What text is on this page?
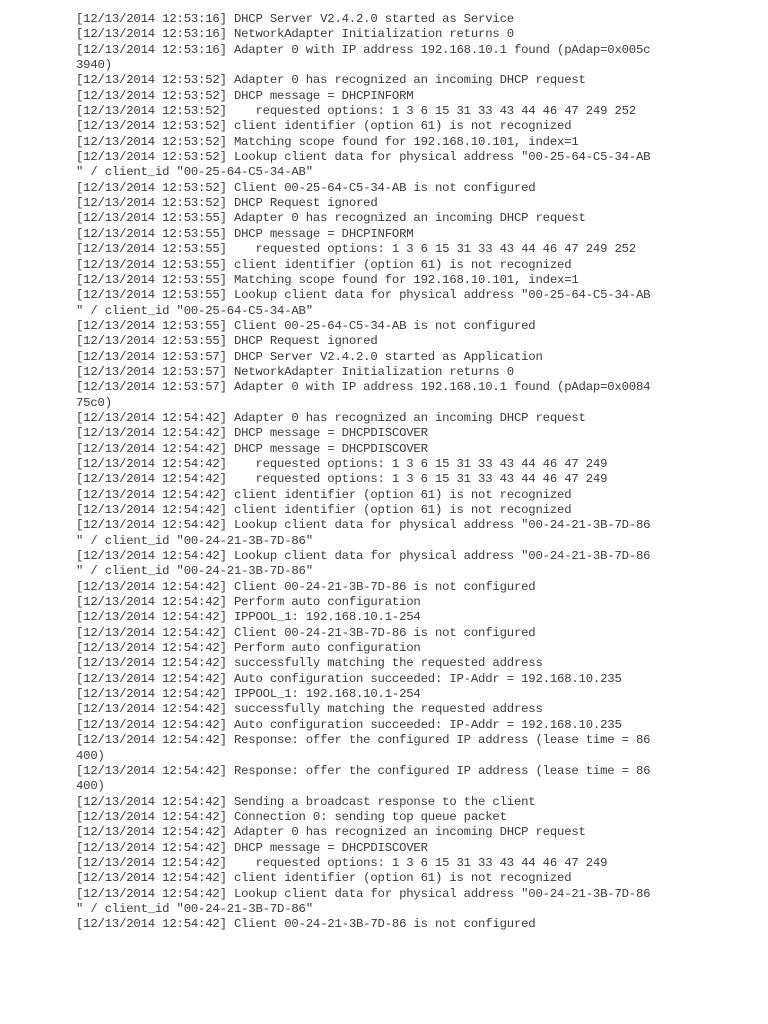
[12/13/2014 12:53:16] DHCP Server V2.4.2.0 started as Service
[12/13/2014 12:53:16] NetworkAdapter Initialization returns 0
[12/13/2014 12:53:16] Adapter 0 with IP address 192.168.10.1 found (pAdap=0x005c
3940)
[12/13/2014 12:53:52] Adapter 0 has recognized an incoming DHCP request
[12/13/2014 12:53:52] DHCP message = DHCPINFORM
[12/13/2014 12:53:52]    requested options: 1 3 6 15 31 33 43 44 46 47 249 252
[12/13/2014 12:53:52] client identifier (option 61) is not recognized
[12/13/2014 12:53:52] Matching scope found for 192.168.10.101, index=1
[12/13/2014 12:53:52] Lookup client data for physical address "00-25-64-C5-34-AB
" / client_id "00-25-64-C5-34-AB"
[12/13/2014 12:53:52] Client 00-25-64-C5-34-AB is not configured
[12/13/2014 12:53:52] DHCP Request ignored
[12/13/2014 12:53:55] Adapter 0 has recognized an incoming DHCP request
[12/13/2014 12:53:55] DHCP message = DHCPINFORM
[12/13/2014 12:53:55]    requested options: 1 3 6 15 31 33 43 44 46 47 249 252
[12/13/2014 12:53:55] client identifier (option 61) is not recognized
[12/13/2014 12:53:55] Matching scope found for 192.168.10.101, index=1
[12/13/2014 12:53:55] Lookup client data for physical address "00-25-64-C5-34-AB
" / client_id "00-25-64-C5-34-AB"
[12/13/2014 12:53:55] Client 00-25-64-C5-34-AB is not configured
[12/13/2014 12:53:55] DHCP Request ignored
[12/13/2014 12:53:57] DHCP Server V2.4.2.0 started as Application
[12/13/2014 12:53:57] NetworkAdapter Initialization returns 0
[12/13/2014 12:53:57] Adapter 0 with IP address 192.168.10.1 found (pAdap=0x0084
75c0)
[12/13/2014 12:54:42] Adapter 0 has recognized an incoming DHCP request
[12/13/2014 12:54:42] DHCP message = DHCPDISCOVER
[12/13/2014 12:54:42] DHCP message = DHCPDISCOVER
[12/13/2014 12:54:42]    requested options: 1 3 6 15 31 33 43 44 46 47 249
[12/13/2014 12:54:42]    requested options: 1 3 6 15 31 33 43 44 46 47 249
[12/13/2014 12:54:42] client identifier (option 61) is not recognized
[12/13/2014 12:54:42] client identifier (option 61) is not recognized
[12/13/2014 12:54:42] Lookup client data for physical address "00-24-21-3B-7D-86
" / client_id "00-24-21-3B-7D-86"
[12/13/2014 12:54:42] Lookup client data for physical address "00-24-21-3B-7D-86
" / client_id "00-24-21-3B-7D-86"
[12/13/2014 12:54:42] Client 00-24-21-3B-7D-86 is not configured
[12/13/2014 12:54:42] Perform auto configuration
[12/13/2014 12:54:42] IPPOOL_1: 192.168.10.1-254
[12/13/2014 12:54:42] Client 00-24-21-3B-7D-86 is not configured
[12/13/2014 12:54:42] Perform auto configuration
[12/13/2014 12:54:42] successfully matching the requested address
[12/13/2014 12:54:42] Auto configuration succeeded: IP-Addr = 192.168.10.235
[12/13/2014 12:54:42] IPPOOL_1: 192.168.10.1-254
[12/13/2014 12:54:42] successfully matching the requested address
[12/13/2014 12:54:42] Auto configuration succeeded: IP-Addr = 192.168.10.235
[12/13/2014 12:54:42] Response: offer the configured IP address (lease time = 86
400)
[12/13/2014 12:54:42] Response: offer the configured IP address (lease time = 86
400)
[12/13/2014 12:54:42] Sending a broadcast response to the client
[12/13/2014 12:54:42] Connection 0: sending top queue packet
[12/13/2014 12:54:42] Adapter 0 has recognized an incoming DHCP request
[12/13/2014 12:54:42] DHCP message = DHCPDISCOVER
[12/13/2014 12:54:42]    requested options: 1 3 6 15 31 33 43 44 46 47 249
[12/13/2014 12:54:42] client identifier (option 61) is not recognized
[12/13/2014 12:54:42] Lookup client data for physical address "00-24-21-3B-7D-86
" / client_id "00-24-21-3B-7D-86"
[12/13/2014 12:54:42] Client 00-24-21-3B-7D-86 is not configured
